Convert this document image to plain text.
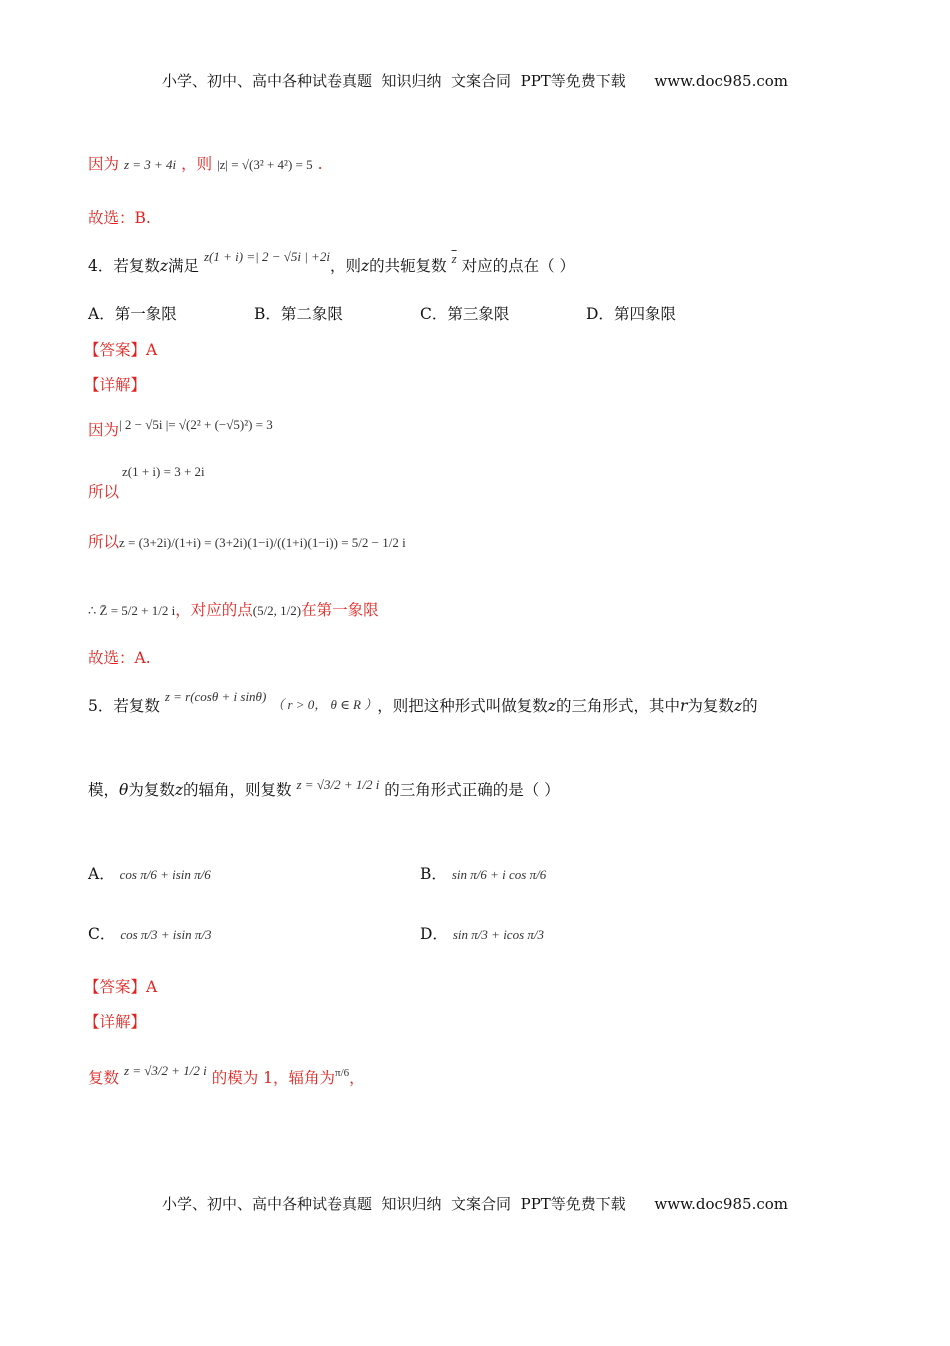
小学、初中、高中各种试卷真题  知识归纳  文案合同  PPT等免费下载      www.doc985.com
因为 z = 3 + 4i ，则 |z| = √(3² + 4²) = 5 .
故选：B.
4．若复数z满足 z(1 + i) =| 2 − √5i | +2i，则z的共轭复数 $\overline{z}$ 对应的点在（ ）
A．第一象限	B．第二象限	C．第三象限	D．第四象限
【答案】A
【详解】
因为| 2 − √5i |= √(2² + (−√5)²) = 3
z(1 + i) = 3 + 2i
所以
所以z = (3+2i)/(1+i) = (3+2i)(1−i)/((1+i)(1−i)) = 5/2 − 1/2 i
∴ Z̄ = 5/2 + 1/2 i，对应的点(5/2, 1/2)在第一象限
故选：A.
5．若复数 z = r(cosθ + i sinθ) （ r > 0， θ ∈ R ），则把这种形式叫做复数z的三角形式，其中r为复数z的
模，θ为复数z的辐角，则复数 z = √3/2 + 1/2 i 的三角形式正确的是（ ）
A． cos π/6 + isin π/6	B． sin π/6 + i cos π/6
C． cos π/3 + isin π/3	D． sin π/3 + icos π/3
【答案】A
【详解】
复数 z = √3/2 + 1/2 i 的模为 1，辐角为π/6，
小学、初中、高中各种试卷真题  知识归纳  文案合同  PPT等免费下载      www.doc985.com
